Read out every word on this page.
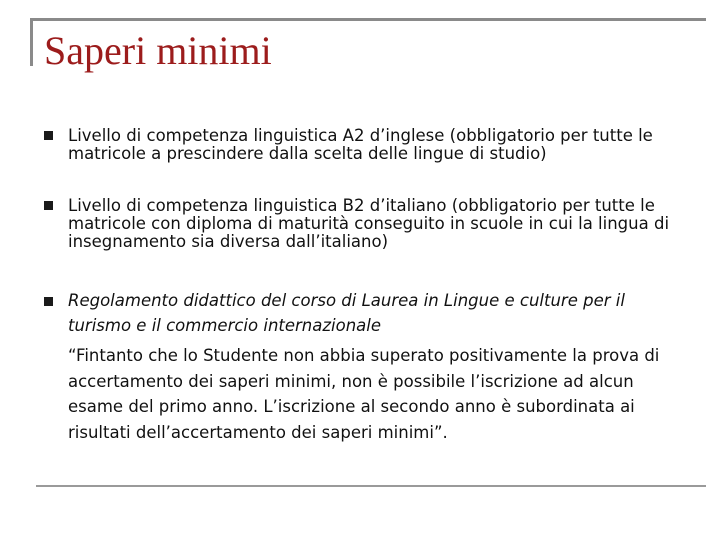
Saperi minimi

Livello di competenza linguistica A2 d’inglese (obbligatorio per tutte le matricole a prescindere dalla scelta delle lingue di studio)

Livello di competenza linguistica B2 d’italiano (obbligatorio per tutte le matricole con diploma di maturità conseguito in scuole in cui la lingua di insegnamento sia diversa dall’italiano)

Regolamento didattico del corso di Laurea in Lingue e culture per il turismo e il commercio internazionale

“Fintanto che lo Studente non abbia superato positivamente la prova di accertamento dei saperi minimi, non è possibile l’iscrizione ad alcun esame del primo anno. L’iscrizione al secondo anno è subordinata ai risultati dell’accertamento dei saperi minimi”.
